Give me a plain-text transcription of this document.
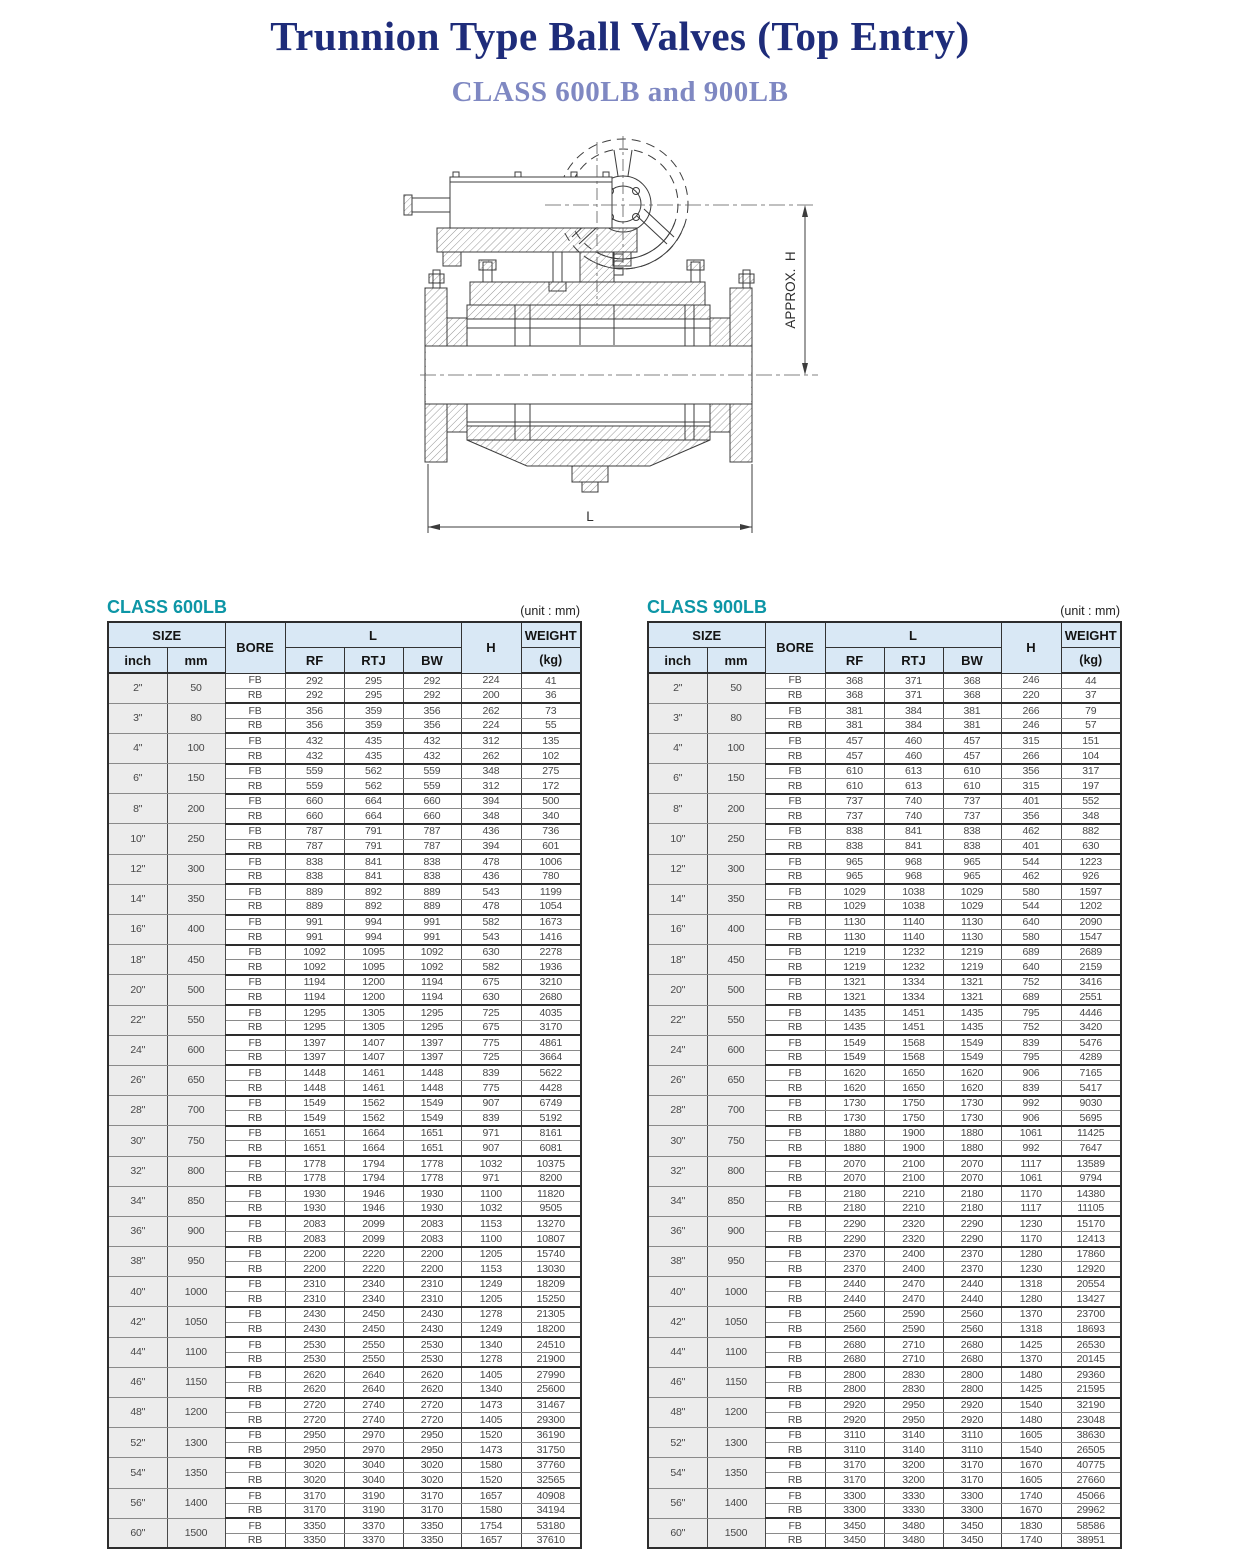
Trunnion Type Ball Valves (Top Entry)
CLASS 600LB and 900LB
APPROX.  H
L
CLASS 600LB	(unit : mm)
SIZE		BORE	L			H	WEIGHT
inch	mm		RF	RTJ	BW		(kg)
2"	50	FB	292	295	292	224	41
		RB	292	295	292	200	36
3"	80	FB	356	359	356	262	73
		RB	356	359	356	224	55
4"	100	FB	432	435	432	312	135
		RB	432	435	432	262	102
6"	150	FB	559	562	559	348	275
		RB	559	562	559	312	172
8"	200	FB	660	664	660	394	500
		RB	660	664	660	348	340
10"	250	FB	787	791	787	436	736
		RB	787	791	787	394	601
12"	300	FB	838	841	838	478	1006
		RB	838	841	838	436	780
14"	350	FB	889	892	889	543	1199
		RB	889	892	889	478	1054
16"	400	FB	991	994	991	582	1673
		RB	991	994	991	543	1416
18"	450	FB	1092	1095	1092	630	2278
		RB	1092	1095	1092	582	1936
20"	500	FB	1194	1200	1194	675	3210
		RB	1194	1200	1194	630	2680
22"	550	FB	1295	1305	1295	725	4035
		RB	1295	1305	1295	675	3170
24"	600	FB	1397	1407	1397	775	4861
		RB	1397	1407	1397	725	3664
26"	650	FB	1448	1461	1448	839	5622
		RB	1448	1461	1448	775	4428
28"	700	FB	1549	1562	1549	907	6749
		RB	1549	1562	1549	839	5192
30"	750	FB	1651	1664	1651	971	8161
		RB	1651	1664	1651	907	6081
32"	800	FB	1778	1794	1778	1032	10375
		RB	1778	1794	1778	971	8200
34"	850	FB	1930	1946	1930	1100	11820
		RB	1930	1946	1930	1032	9505
36"	900	FB	2083	2099	2083	1153	13270
		RB	2083	2099	2083	1100	10807
38"	950	FB	2200	2220	2200	1205	15740
		RB	2200	2220	2200	1153	13030
40"	1000	FB	2310	2340	2310	1249	18209
		RB	2310	2340	2310	1205	15250
42"	1050	FB	2430	2450	2430	1278	21305
		RB	2430	2450	2430	1249	18200
44"	1100	FB	2530	2550	2530	1340	24510
		RB	2530	2550	2530	1278	21900
46"	1150	FB	2620	2640	2620	1405	27990
		RB	2620	2640	2620	1340	25600
48"	1200	FB	2720	2740	2720	1473	31467
		RB	2720	2740	2720	1405	29300
52"	1300	FB	2950	2970	2950	1520	36190
		RB	2950	2970	2950	1473	31750
54"	1350	FB	3020	3040	3020	1580	37760
		RB	3020	3040	3020	1520	32565
56"	1400	FB	3170	3190	3170	1657	40908
		RB	3170	3190	3170	1580	34194
60"	1500	FB	3350	3370	3350	1754	53180
		RB	3350	3370	3350	1657	37610
CLASS 900LB	(unit : mm)
SIZE		BORE	L			H	WEIGHT
inch	mm		RF	RTJ	BW		(kg)
2"	50	FB	368	371	368	246	44
		RB	368	371	368	220	37
3"	80	FB	381	384	381	266	79
		RB	381	384	381	246	57
4"	100	FB	457	460	457	315	151
		RB	457	460	457	266	104
6"	150	FB	610	613	610	356	317
		RB	610	613	610	315	197
8"	200	FB	737	740	737	401	552
		RB	737	740	737	356	348
10"	250	FB	838	841	838	462	882
		RB	838	841	838	401	630
12"	300	FB	965	968	965	544	1223
		RB	965	968	965	462	926
14"	350	FB	1029	1038	1029	580	1597
		RB	1029	1038	1029	544	1202
16"	400	FB	1130	1140	1130	640	2090
		RB	1130	1140	1130	580	1547
18"	450	FB	1219	1232	1219	689	2689
		RB	1219	1232	1219	640	2159
20"	500	FB	1321	1334	1321	752	3416
		RB	1321	1334	1321	689	2551
22"	550	FB	1435	1451	1435	795	4446
		RB	1435	1451	1435	752	3420
24"	600	FB	1549	1568	1549	839	5476
		RB	1549	1568	1549	795	4289
26"	650	FB	1620	1650	1620	906	7165
		RB	1620	1650	1620	839	5417
28"	700	FB	1730	1750	1730	992	9030
		RB	1730	1750	1730	906	5695
30"	750	FB	1880	1900	1880	1061	11425
		RB	1880	1900	1880	992	7647
32"	800	FB	2070	2100	2070	1117	13589
		RB	2070	2100	2070	1061	9794
34"	850	FB	2180	2210	2180	1170	14380
		RB	2180	2210	2180	1117	11105
36"	900	FB	2290	2320	2290	1230	15170
		RB	2290	2320	2290	1170	12413
38"	950	FB	2370	2400	2370	1280	17860
		RB	2370	2400	2370	1230	12920
40"	1000	FB	2440	2470	2440	1318	20554
		RB	2440	2470	2440	1280	13427
42"	1050	FB	2560	2590	2560	1370	23700
		RB	2560	2590	2560	1318	18693
44"	1100	FB	2680	2710	2680	1425	26530
		RB	2680	2710	2680	1370	20145
46"	1150	FB	2800	2830	2800	1480	29360
		RB	2800	2830	2800	1425	21595
48"	1200	FB	2920	2950	2920	1540	32190
		RB	2920	2950	2920	1480	23048
52"	1300	FB	3110	3140	3110	1605	38630
		RB	3110	3140	3110	1540	26505
54"	1350	FB	3170	3200	3170	1670	40775
		RB	3170	3200	3170	1605	27660
56"	1400	FB	3300	3330	3300	1740	45066
		RB	3300	3330	3300	1670	29962
60"	1500	FB	3450	3480	3450	1830	58586
		RB	3450	3480	3450	1740	38951
